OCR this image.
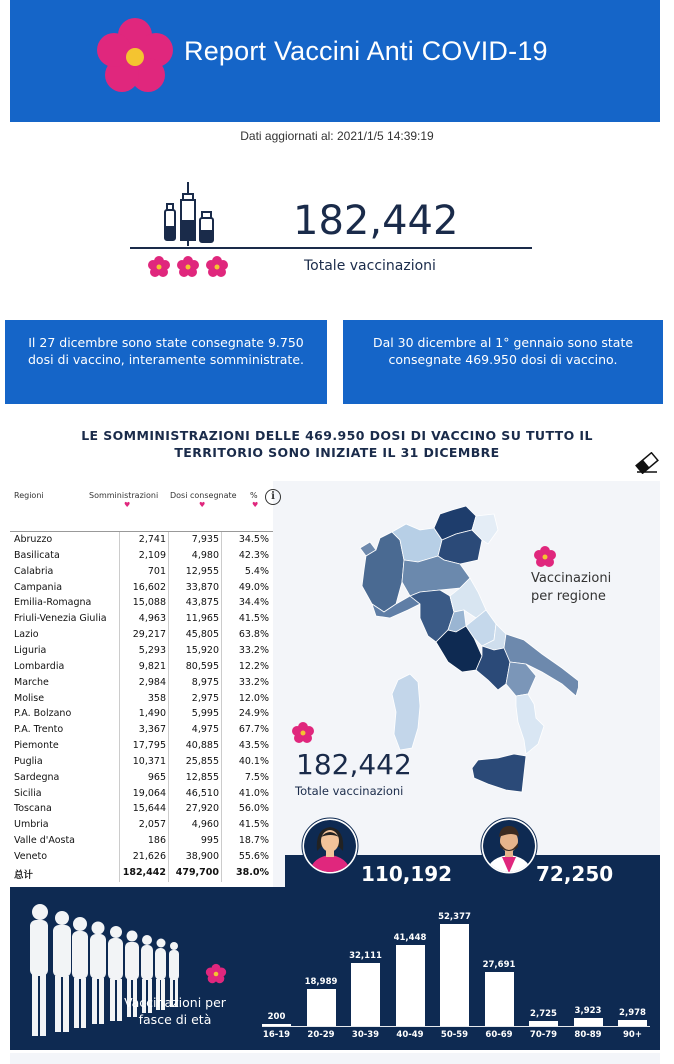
Report Vaccini Anti COVID-19
Dati aggiornati al: 2021/1/5 14:39:19
182,442
Totale vaccinazioni
Il 27 dicembre sono state consegnate 9.750 dosi di vaccino, interamente somministrate.
Dal 30 dicembre al 1° gennaio sono state consegnate 469.950 dosi di vaccino.
LE SOMMINISTRAZIONI DELLE 469.950 DOSI DI VACCINO SU TUTTO IL TERRITORIO SONO INIZIATE IL 31 DICEMBRE
Regioni	Somministrazioni
♥
Dosi consegnate
♥
%
♥
i
Abruzzo	2,741	7,935 34.5%
Basilicata	2,109	4,980 42.3%
Calabria	701 12,955	5.4%
Campania	16,602 33,870 49.0%
Emilia-Romagna	15,088 43,875 34.4%
Friuli-Venezia Giulia	4,963 11,965 41.5%
Lazio	29,217 45,805 63.8%
Liguria	5,293 15,920 33.2%
Lombardia	9,821 80,595 12.2%
Marche	2,984	8,975 33.2%
Molise	358	2,975 12.0%
P.A. Bolzano	1,490	5,995 24.9%
P.A. Trento	3,367	4,975 67.7%
Piemonte	17,795 40,885 43.5%
Puglia	10,371 25,855 40.1%
Sardegna	965 12,855	7.5%
Sicilia	19,064 46,510 41.0%
Toscana	15,644 27,920 56.0%
Umbria	2,057	4,960 41.5%
Valle d'Aosta	186	995 18.7%
Veneto	21,626 38,900 55.6%
总计	182,442 479,700 38.0%
Vaccinazioni per regione
182,442
Totale vaccinazioni
110,192	72,250
Vaccinazioni per fasce di età	200
16-19
18,989
20-29
32,111
30-39
41,448
40-49
52,377
50-59
27,691
60-69
2,725
70-79
3,923
80-89
2,978
90+
